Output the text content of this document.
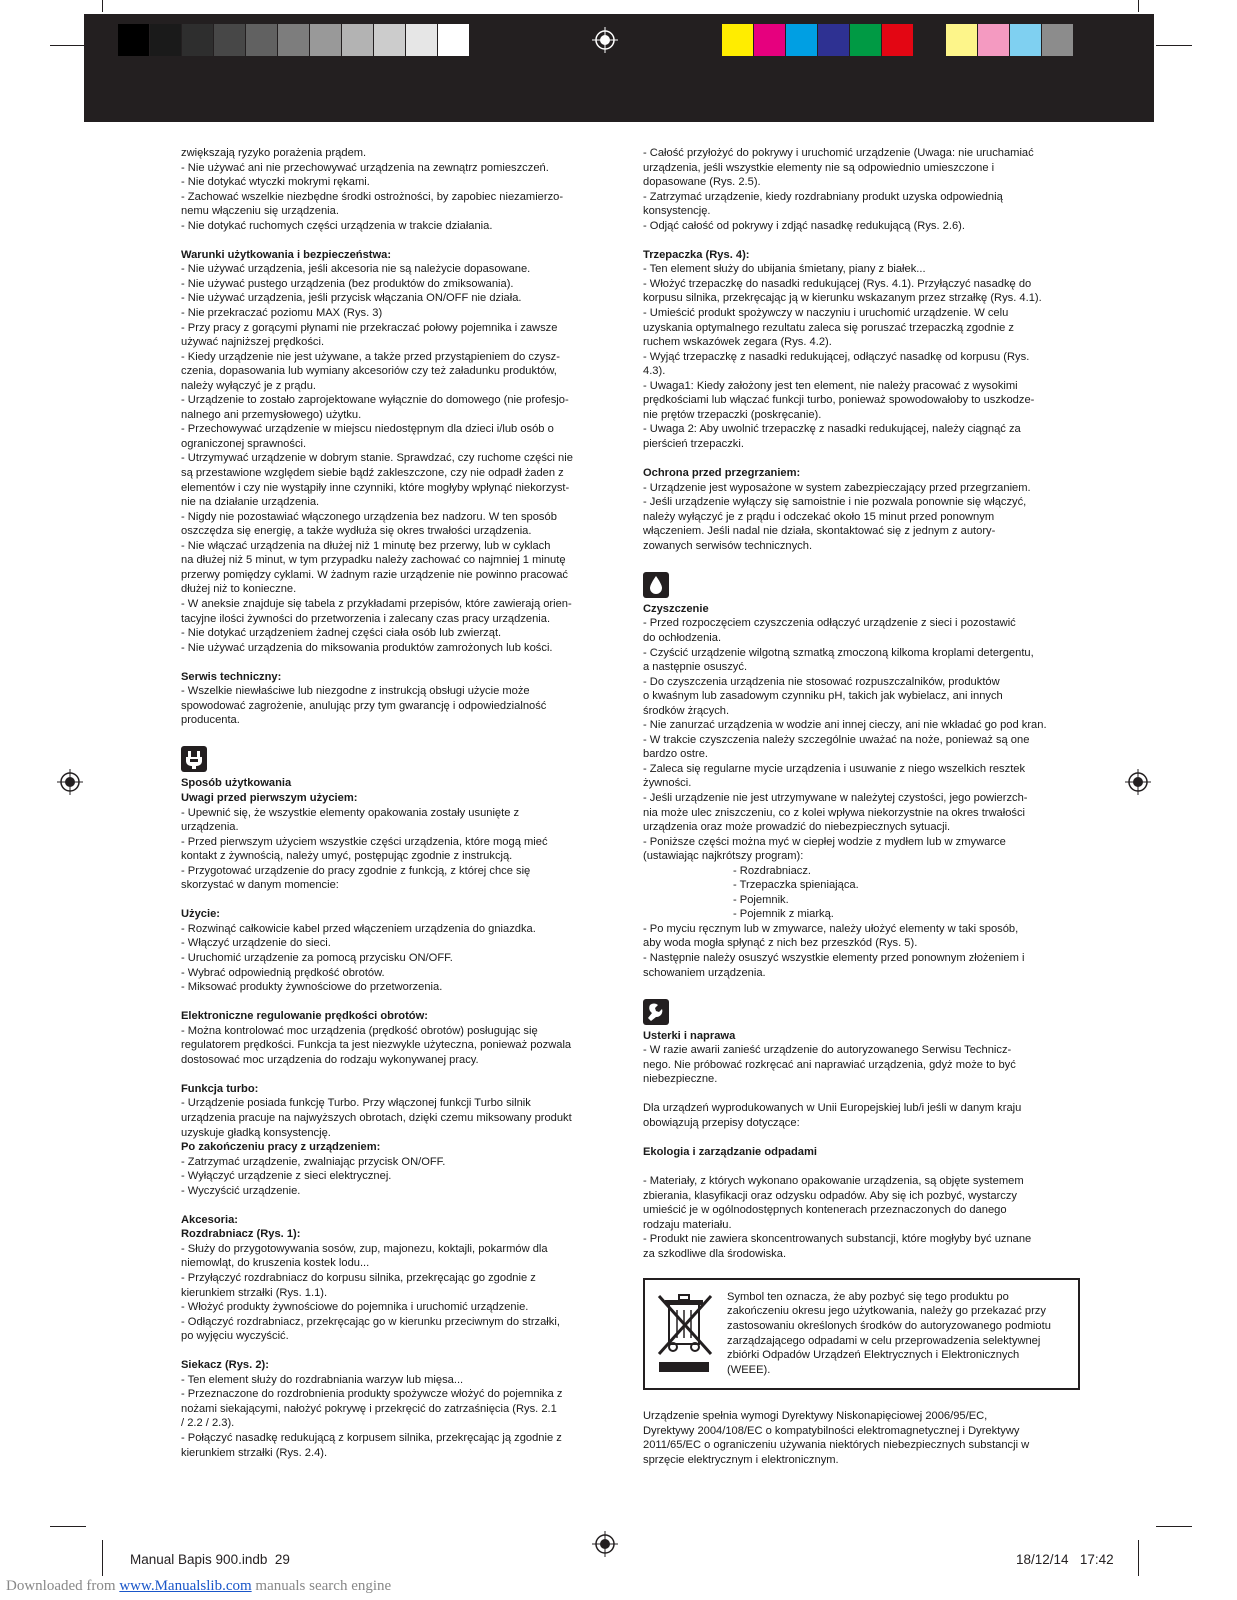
zwiększają ryzyko porażenia prądem.
- Nie używać ani nie przechowywać urządzenia na zewnątrz pomieszczeń.
- Nie dotykać wtyczki mokrymi rękami.
- Zachować wszelkie niezbędne środki ostrożności, by zapobiec niezamierzo-
nemu włączeniu się urządzenia.
- Nie dotykać ruchomych części urządzenia w trakcie działania.
Warunki użytkowania i bezpieczeństwa:
- Nie używać urządzenia, jeśli akcesoria nie są należycie dopasowane.
- Nie używać pustego urządzenia (bez produktów do zmiksowania).
- Nie używać urządzenia, jeśli przycisk włączania ON/OFF nie działa.
- Nie przekraczać poziomu MAX (Rys. 3)
- Przy pracy z gorącymi płynami nie przekraczać połowy pojemnika i zawsze
używać najniższej prędkości.
- Kiedy urządzenie nie jest używane, a także przed przystąpieniem do czysz-
czenia, dopasowania lub wymiany akcesoriów czy też załadunku produktów,
należy wyłączyć je z prądu.
- Urządzenie to zostało zaprojektowane wyłącznie do domowego (nie profesjo-
nalnego ani przemysłowego) użytku.
- Przechowywać urządzenie w miejscu niedostępnym dla dzieci i/lub osób o
ograniczonej sprawności.
- Utrzymywać urządzenie w dobrym stanie. Sprawdzać, czy ruchome części nie
są przestawione względem siebie bądź zakleszczone, czy nie odpadł żaden z
elementów i czy nie wystąpiły inne czynniki, które mogłyby wpłynąć niekorzyst-
nie na działanie urządzenia.
- Nigdy nie pozostawiać włączonego urządzenia bez nadzoru. W ten sposób
oszczędza się energię, a także wydłuża się okres trwałości urządzenia.
- Nie włączać urządzenia na dłużej niż 1 minutę bez przerwy, lub w cyklach
na dłużej niż 5 minut, w tym przypadku należy zachować co najmniej 1 minutę
przerwy pomiędzy cyklami. W żadnym razie urządzenie nie powinno pracować
dłużej niż to konieczne.
- W aneksie znajduje się tabela z przykładami przepisów, które zawierają orien-
tacyjne ilości żywności do przetworzenia i zalecany czas pracy urządzenia.
- Nie dotykać urządzeniem żadnej części ciała osób lub zwierząt.
- Nie używać urządzenia do miksowania produktów zamrożonych lub kości.
Serwis techniczny:
- Wszelkie niewłaściwe lub niezgodne z instrukcją obsługi użycie może
spowodować zagrożenie, anulując przy tym gwarancję i odpowiedzialność
producenta.
Sposób użytkowania
Uwagi przed pierwszym użyciem:
- Upewnić się, że wszystkie elementy opakowania zostały usunięte z
urządzenia.
- Przed pierwszym użyciem wszystkie części urządzenia, które mogą mieć
kontakt z żywnością, należy umyć, postępując zgodnie z instrukcją.
- Przygotować urządzenie do pracy zgodnie z funkcją, z której chce się
skorzystać w danym momencie:
Użycie:
- Rozwinąć całkowicie kabel przed włączeniem urządzenia do gniazdka.
- Włączyć urządzenie do sieci.
- Uruchomić urządzenie za pomocą przycisku ON/OFF.
- Wybrać odpowiednią prędkość obrotów.
- Miksować produkty żywnościowe do przetworzenia.
Elektroniczne regulowanie prędkości obrotów:
- Można kontrolować moc urządzenia (prędkość obrotów) posługując się
regulatorem prędkości. Funkcja ta jest niezwykle użyteczna, ponieważ pozwala
dostosować moc urządzenia do rodzaju wykonywanej pracy.
Funkcja turbo:
- Urządzenie posiada funkcję Turbo. Przy włączonej funkcji Turbo silnik
urządzenia pracuje na najwyższych obrotach, dzięki czemu miksowany produkt
uzyskuje gładką konsystencję.
Po zakończeniu pracy z urządzeniem:
- Zatrzymać urządzenie, zwalniając przycisk ON/OFF.
- Wyłączyć urządzenie z sieci elektrycznej.
- Wyczyścić urządzenie.
Akcesoria:
Rozdrabniacz (Rys. 1):
- Służy do przygotowywania sosów, zup, majonezu, koktajli, pokarmów dla
niemowląt, do kruszenia kostek lodu...
- Przyłączyć rozdrabniacz do korpusu silnika, przekręcając go zgodnie z
kierunkiem strzałki (Rys. 1.1).
- Włożyć produkty żywnościowe do pojemnika i uruchomić urządzenie.
- Odłączyć rozdrabniacz, przekręcając go w kierunku przeciwnym do strzałki,
po wyjęciu wyczyścić.
Siekacz (Rys. 2):
- Ten element służy do rozdrabniania warzyw lub mięsa...
- Przeznaczone do rozdrobnienia produkty spożywcze włożyć do pojemnika z
nożami siekającymi, nałożyć pokrywę i przekręcić do zatrzaśnięcia (Rys. 2.1
/ 2.2 / 2.3).
- Połączyć nasadkę redukującą z korpusem silnika, przekręcając ją zgodnie z
kierunkiem strzałki (Rys. 2.4).
- Całość przyłożyć do pokrywy i uruchomić urządzenie (Uwaga: nie uruchamiać
urządzenia, jeśli wszystkie elementy nie są odpowiednio umieszczone i
dopasowane (Rys. 2.5).
- Zatrzymać urządzenie, kiedy rozdrabniany produkt uzyska odpowiednią
konsystencję.
- Odjąć całość od pokrywy i zdjąć nasadkę redukującą (Rys. 2.6).
Trzepaczka (Rys. 4):
- Ten element służy do ubijania śmietany, piany z białek...
- Włożyć trzepaczkę do nasadki redukującej (Rys. 4.1). Przyłączyć nasadkę do
korpusu silnika, przekręcając ją w kierunku wskazanym przez strzałkę (Rys. 4.1).
- Umieścić produkt spożywczy w naczyniu i uruchomić urządzenie. W celu
uzyskania optymalnego rezultatu zaleca się poruszać trzepaczką zgodnie z
ruchem wskazówek zegara (Rys. 4.2).
- Wyjąć trzepaczkę z nasadki redukującej, odłączyć nasadkę od korpusu (Rys.
4.3).
- Uwaga1: Kiedy założony jest ten element, nie należy pracować z wysokimi
prędkościami lub włączać funkcji turbo, ponieważ spowodowałoby to uszkodze-
nie prętów trzepaczki (poskręcanie).
- Uwaga 2: Aby uwolnić trzepaczkę z nasadki redukującej, należy ciągnąć za
pierścień trzepaczki.
Ochrona przed przegrzaniem:
- Urządzenie jest wyposażone w system zabezpieczający przed przegrzaniem.
- Jeśli urządzenie wyłączy się samoistnie i nie pozwala ponownie się włączyć,
należy wyłączyć je z prądu i odczekać około 15 minut przed ponownym
włączeniem. Jeśli nadal nie działa, skontaktować się z jednym z autory-
zowanych serwisów technicznych.
Czyszczenie
- Przed rozpoczęciem czyszczenia odłączyć urządzenie z sieci i pozostawić
do ochłodzenia.
- Czyścić urządzenie wilgotną szmatką zmoczoną kilkoma kroplami detergentu,
a następnie osuszyć.
- Do czyszczenia urządzenia nie stosować rozpuszczalników, produktów
o kwaśnym lub zasadowym czynniku pH, takich jak wybielacz, ani innych
środków żrących.
- Nie zanurzać urządzenia w wodzie ani innej cieczy, ani nie wkładać go pod kran.
- W trakcie czyszczenia należy szczególnie uważać na noże, ponieważ są one
bardzo ostre.
- Zaleca się regularne mycie urządzenia i usuwanie z niego wszelkich resztek
żywności.
- Jeśli urządzenie nie jest utrzymywane w należytej czystości, jego powierzch-
nia może ulec zniszczeniu, co z kolei wpływa niekorzystnie na okres trwałości
urządzenia oraz może prowadzić do niebezpiecznych sytuacji.
- Poniższe części można myć w ciepłej wodzie z mydłem lub w zmywarce
(ustawiając najkrótszy program):
- Rozdrabniacz.
- Trzepaczka spieniająca.
- Pojemnik.
- Pojemnik z miarką.
- Po myciu ręcznym lub w zmywarce, należy ułożyć elementy w taki sposób,
aby woda mogła spłynąć z nich bez przeszkód (Rys. 5).
- Następnie należy osuszyć wszystkie elementy przed ponownym złożeniem i
schowaniem urządzenia.
Usterki i naprawa
- W razie awarii zanieść urządzenie do autoryzowanego Serwisu Technicz-
nego. Nie próbować rozkręcać ani naprawiać urządzenia, gdyż może to być
niebezpieczne.
Dla urządzeń wyprodukowanych w Unii Europejskiej lub/i jeśli w danym kraju
obowiązują przepisy dotyczące:
Ekologia i zarządzanie odpadami
- Materiały, z których wykonano opakowanie urządzenia, są objęte systemem
zbierania, klasyfikacji oraz odzysku odpadów. Aby się ich pozbyć, wystarczy
umieścić je w ogólnodostępnych kontenerach przeznaczonych do danego
rodzaju materiału.
- Produkt nie zawiera skoncentrowanych substancji, które mogłyby być uznane
za szkodliwe dla środowiska.
Symbol ten oznacza, że aby pozbyć się tego produktu po
zakończeniu okresu jego użytkowania, należy go przekazać przy
zastosowaniu określonych środków do autoryzowanego podmiotu
zarządzającego odpadami w celu przeprowadzenia selektywnej
zbiórki Odpadów Urządzeń Elektrycznych i Elektronicznych
(WEEE).
Urządzenie spełnia wymogi Dyrektywy Niskonapięciowej 2006/95/EC,
Dyrektywy 2004/108/EC o kompatybilności elektromagnetycznej i Dyrektywy
2011/65/EC o ograniczeniu używania niektórych niebezpiecznych substancji w
sprzęcie elektrycznym i elektronicznym.
Manual Bapis 900.indb 29	18/12/14 17:42
Downloaded from www.Manualslib.com manuals search engine
